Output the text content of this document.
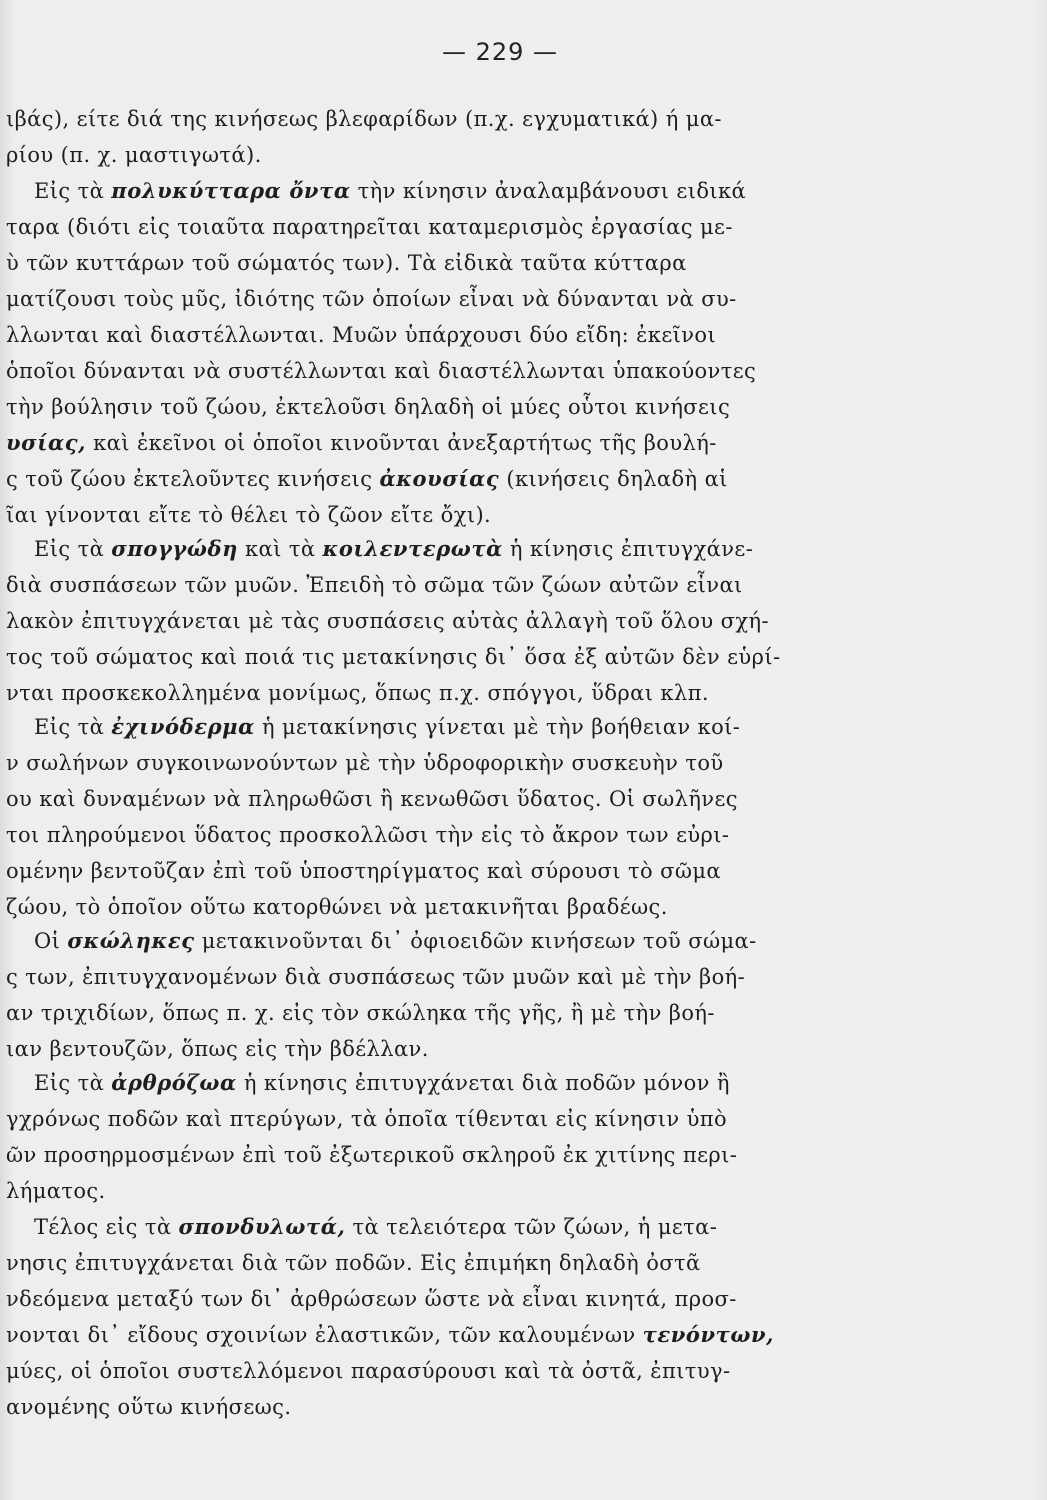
— 229 —
ιβάς), είτε διά της κινήσεως βλεφαρίδων (π.χ. εγχυματικά) ή μα-
ρίου (π. χ. μαστιγωτά).
Εἰς τὰ πολυκύτταρα ὄντα τὴν κίνησιν ἀναλαμβάνουσι ειδικά
ταρα (διότι εἰς τοιαῦτα παρατηρεῖται καταμερισμὸς ἐργασίας με-
ὺ τῶν κυττάρων τοῦ σώματός των). Τὰ εἰδικὰ ταῦτα κύτταρα
ματίζουσι τοὺς μῦς, ἰδιότης τῶν ὁποίων εἶναι νὰ δύνανται νὰ συ-
λλωνται καὶ διαστέλλωνται. Μυῶν ὑπάρχουσι δύο εἴδη: ἐκεῖνοι
ὁποῖοι δύνανται νὰ συστέλλωνται καὶ διαστέλλωνται ὑπακούοντες
τὴν βούλησιν τοῦ ζώου, ἐκτελοῦσι δηλαδὴ οἱ μύες οὗτοι κινήσεις
υσίας, καὶ ἐκεῖνοι οἱ ὁποῖοι κινοῦνται ἀνεξαρτήτως τῆς βουλή-
ς τοῦ ζώου ἐκτελοῦντες κινήσεις ἀκουσίας (κινήσεις δηλαδὴ αἱ
ῖαι γίνονται εἴτε τὸ θέλει τὸ ζῶον εἴτε ὄχι).
Εἰς τὰ σπογγώδη καὶ τὰ κοιλεντερωτὰ ἡ κίνησις ἐπιτυγχάνε-
διὰ συσπάσεων τῶν μυῶν. Ἐπειδὴ τὸ σῶμα τῶν ζώων αὐτῶν εἶναι
λακὸν ἐπιτυγχάνεται μὲ τὰς συσπάσεις αὐτὰς ἀλλαγὴ τοῦ ὅλου σχή-
τος τοῦ σώματος καὶ ποιά τις μετακίνησις δι᾽ ὅσα ἐξ αὐτῶν δὲν εὑρί-
νται προσκεκολλημένα μονίμως, ὅπως π.χ. σπόγγοι, ὕδραι κλπ.
Εἰς τὰ ἐχινόδερμα ἡ μετακίνησις γίνεται μὲ τὴν βοήθειαν κοί-
ν σωλήνων συγκοινωνούντων μὲ τὴν ὑδροφορικὴν συσκευὴν τοῦ
ου καὶ δυναμένων νὰ πληρωθῶσι ἢ κενωθῶσι ὕδατος. Οἱ σωλῆνες
τοι πληρούμενοι ὕδατος προσκολλῶσι τὴν εἰς τὸ ἄκρον των εὐρι-
ομένην βεντοῦζαν ἐπὶ τοῦ ὑποστηρίγματος καὶ σύρουσι τὸ σῶμα
ζώου, τὸ ὁποῖον οὕτω κατορθώνει νὰ μετακινῆται βραδέως.
Οἱ σκώληκες μετακινοῦνται δι᾽ ὀφιοειδῶν κινήσεων τοῦ σώμα-
ς των, ἐπιτυγχανομένων διὰ συσπάσεως τῶν μυῶν καὶ μὲ τὴν βοή-
αν τριχιδίων, ὅπως π. χ. εἰς τὸν σκώληκα τῆς γῆς, ἢ μὲ τὴν βοή-
ιαν βεντουζῶν, ὅπως εἰς τὴν βδέλλαν.
Εἰς τὰ ἀρθρόζωα ἡ κίνησις ἐπιτυγχάνεται διὰ ποδῶν μόνον ἢ
γχρόνως ποδῶν καὶ πτερύγων, τὰ ὁποῖα τίθενται εἰς κίνησιν ὑπὸ
ῶν προσηρμοσμένων ἐπὶ τοῦ ἐξωτερικοῦ σκληροῦ ἐκ χιτίνης περι-
λήματος.
Τέλος εἰς τὰ σπονδυλωτά, τὰ τελειότερα τῶν ζώων, ἡ μετα-
νησις ἐπιτυγχάνεται διὰ τῶν ποδῶν. Εἰς ἐπιμήκη δηλαδὴ ὀστᾶ
νδεόμενα μεταξύ των δι᾽ ἀρθρώσεων ὥστε νὰ εἶναι κινητά, προσ-
νονται δι᾽ εἴδους σχοινίων ἐλαστικῶν, τῶν καλουμένων τενόντων,
μύες, οἱ ὁποῖοι συστελλόμενοι παρασύρουσι καὶ τὰ ὀστᾶ, ἐπιτυγ-
ανομένης οὕτω κινήσεως.
